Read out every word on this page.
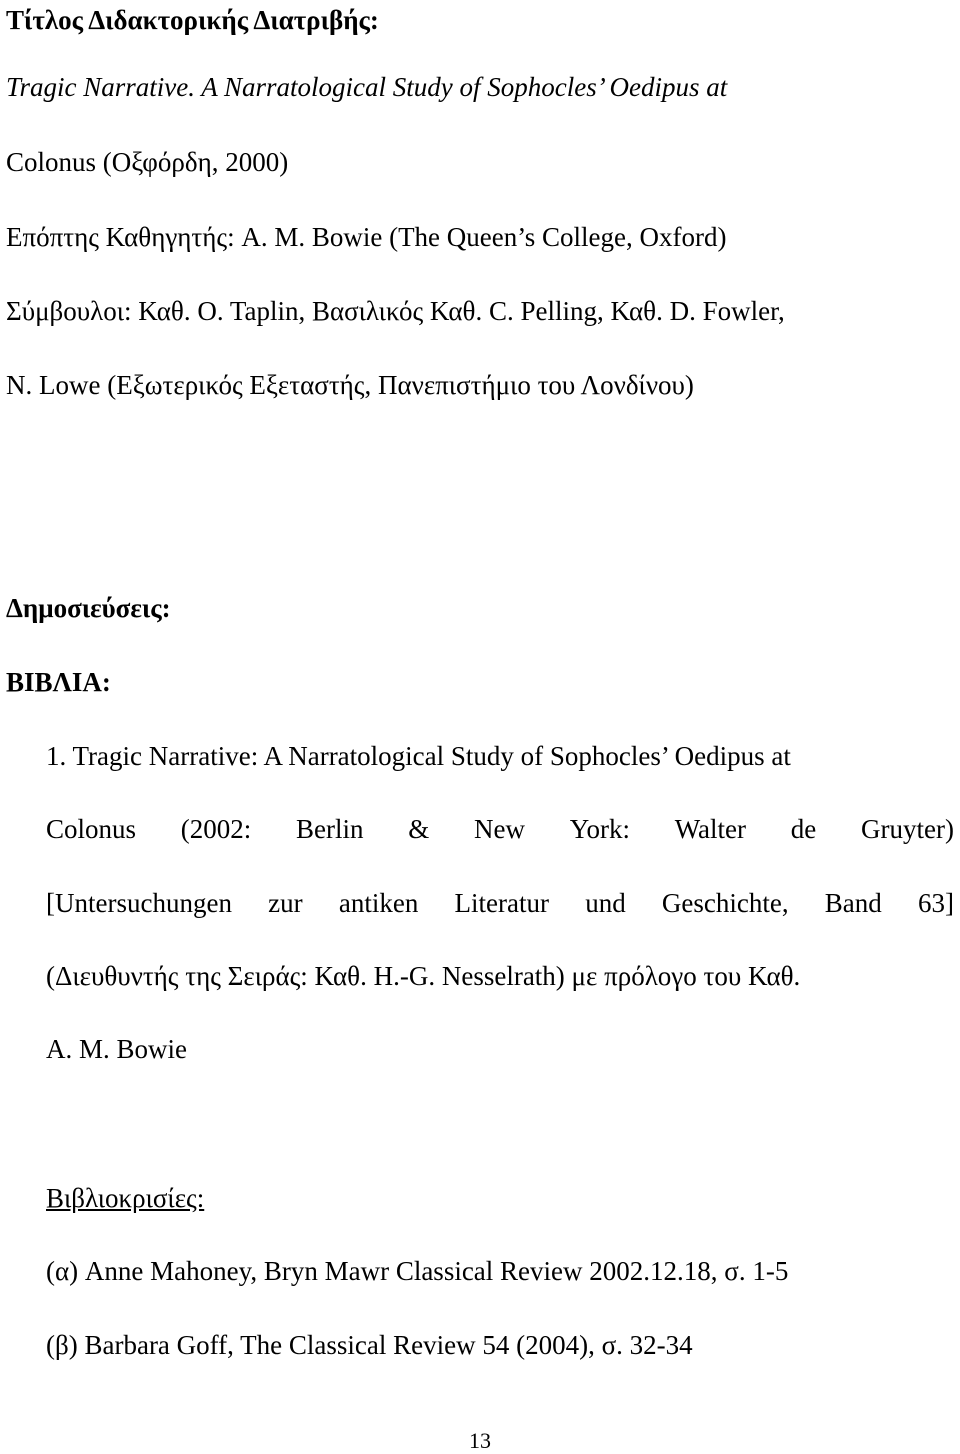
Τίτλος Διδακτορικής Διατριβής:
Tragic Narrative. A Narratological Study of Sophocles’ Oedipus at
Colonus (Οξφόρδη, 2000)
Επόπτης Καθηγητής: A. M. Bowie (The Queen’s College, Oxford)
Σύμβουλοι: Καθ. O. Taplin, Βασιλικός Καθ. C. Pelling, Καθ. D. Fowler,
N. Lowe (Εξωτερικός Εξεταστής, Πανεπιστήμιο του Λονδίνου)
Δημοσιεύσεις:
ΒΙΒΛΙΑ:
1. Tragic Narrative: A Narratological Study of Sophocles’ Oedipus at
Colonus (2002: Berlin & New York: Walter de Gruyter)
[Untersuchungen zur antiken Literatur und Geschichte, Band 63]
(Διευθυντής της Σειράς: Καθ. H.-G. Nesselrath) με πρόλογο του Καθ.
A. M. Bowie
Βιβλιοκρισίες:
(α) Anne Mahoney, Bryn Mawr Classical Review 2002.12.18, σ. 1-5
(β) Barbara Goff, The Classical Review 54 (2004), σ. 32-34
13
